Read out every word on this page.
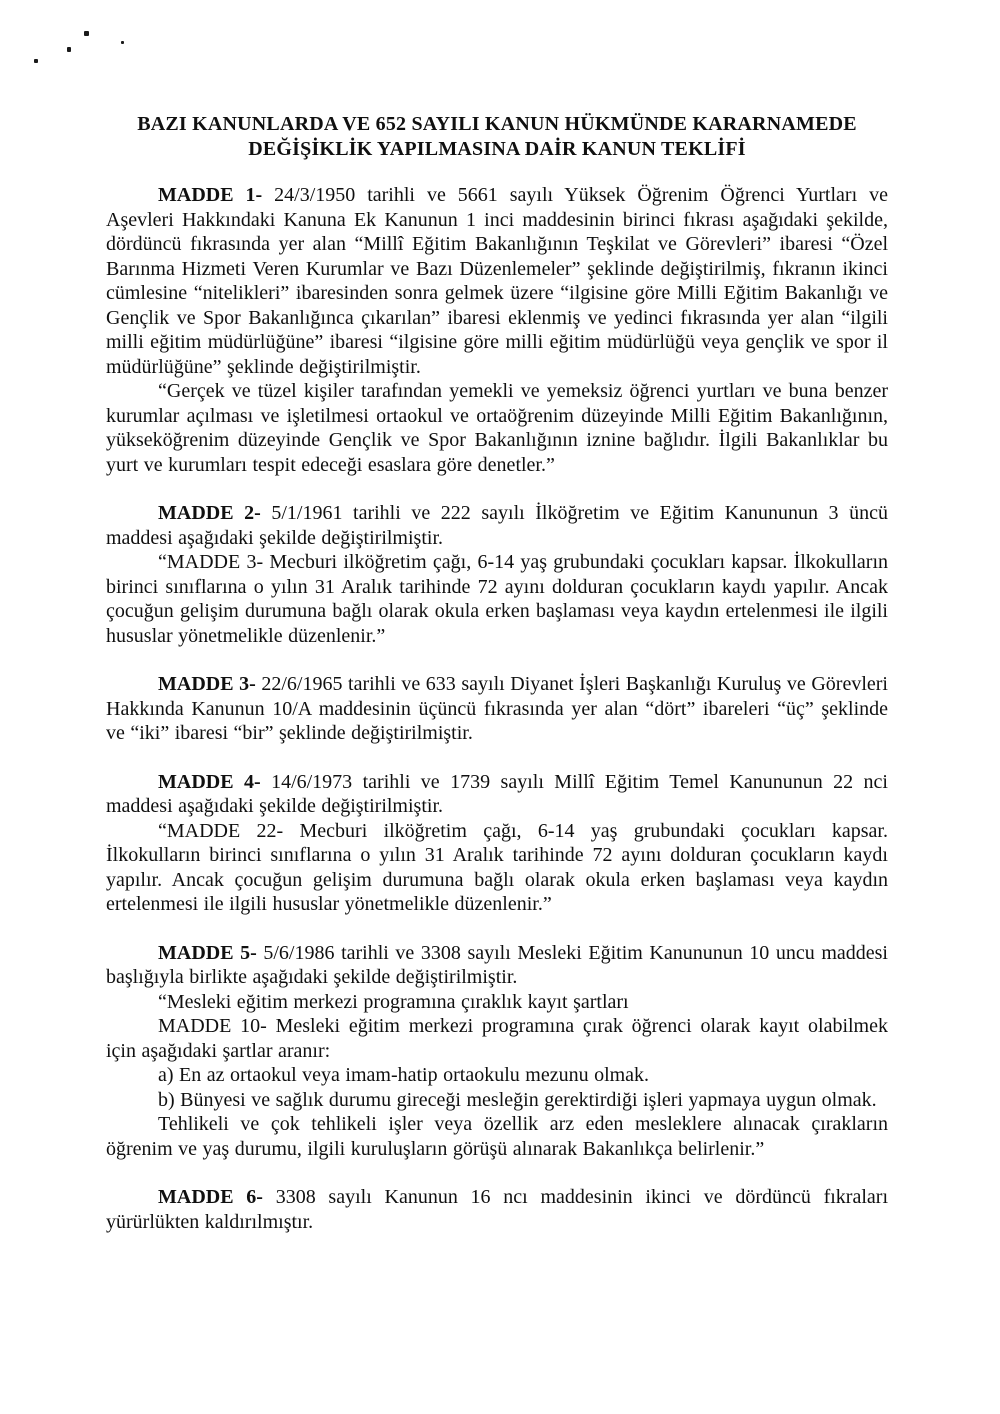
BAZI KANUNLARDA VE 652 SAYILI KANUN HÜKMÜNDE KARARNAMEDE
DEĞİŞİKLİK YAPILMASINA DAİR KANUN TEKLİFİ

MADDE 1- 24/3/1950 tarihli ve 5661 sayılı Yüksek Öğrenim Öğrenci Yurtları ve Aşevleri Hakkındaki Kanuna Ek Kanunun 1 inci maddesinin birinci fıkrası aşağıdaki şekilde, dördüncü fıkrasında yer alan “Millî Eğitim Bakanlığının Teşkilat ve Görevleri” ibaresi “Özel Barınma Hizmeti Veren Kurumlar ve Bazı Düzenlemeler” şeklinde değiştirilmiş, fıkranın ikinci cümlesine “nitelikleri” ibaresinden sonra gelmek üzere “ilgisine göre Milli Eğitim Bakanlığı ve Gençlik ve Spor Bakanlığınca çıkarılan” ibaresi eklenmiş ve yedinci fıkrasında yer alan “ilgili milli eğitim müdürlüğüne” ibaresi “ilgisine göre milli eğitim müdürlüğü veya gençlik ve spor il müdürlüğüne” şeklinde değiştirilmiştir.

“Gerçek ve tüzel kişiler tarafından yemekli ve yemeksiz öğrenci yurtları ve buna benzer kurumlar açılması ve işletilmesi ortaokul ve ortaöğrenim düzeyinde Milli Eğitim Bakanlığının, yükseköğrenim düzeyinde Gençlik ve Spor Bakanlığının iznine bağlıdır. İlgili Bakanlıklar bu yurt ve kurumları tespit edeceği esaslara göre denetler.”

MADDE 2- 5/1/1961 tarihli ve 222 sayılı İlköğretim ve Eğitim Kanununun 3 üncü maddesi aşağıdaki şekilde değiştirilmiştir.

“MADDE 3- Mecburi ilköğretim çağı, 6-14 yaş grubundaki çocukları kapsar. İlkokulların birinci sınıflarına o yılın 31 Aralık tarihinde 72 ayını dolduran çocukların kaydı yapılır. Ancak çocuğun gelişim durumuna bağlı olarak okula erken başlaması veya kaydın ertelenmesi ile ilgili hususlar yönetmelikle düzenlenir.”

MADDE 3- 22/6/1965 tarihli ve 633 sayılı Diyanet İşleri Başkanlığı Kuruluş ve Görevleri Hakkında Kanunun 10/A maddesinin üçüncü fıkrasında yer alan “dört” ibareleri “üç” şeklinde ve “iki” ibaresi “bir” şeklinde değiştirilmiştir.

MADDE 4- 14/6/1973 tarihli ve 1739 sayılı Millî Eğitim Temel Kanununun 22 nci maddesi aşağıdaki şekilde değiştirilmiştir.

“MADDE 22- Mecburi ilköğretim çağı, 6-14 yaş grubundaki çocukları kapsar. İlkokulların birinci sınıflarına o yılın 31 Aralık tarihinde 72 ayını dolduran çocukların kaydı yapılır. Ancak çocuğun gelişim durumuna bağlı olarak okula erken başlaması veya kaydın ertelenmesi ile ilgili hususlar yönetmelikle düzenlenir.”

MADDE 5- 5/6/1986 tarihli ve 3308 sayılı Mesleki Eğitim Kanununun 10 uncu maddesi başlığıyla birlikte aşağıdaki şekilde değiştirilmiştir.

“Mesleki eğitim merkezi programına çıraklık kayıt şartları

MADDE 10- Mesleki eğitim merkezi programına çırak öğrenci olarak kayıt olabilmek için aşağıdaki şartlar aranır:

a) En az ortaokul veya imam-hatip ortaokulu mezunu olmak.

b) Bünyesi ve sağlık durumu gireceği mesleğin gerektirdiği işleri yapmaya uygun olmak.

Tehlikeli ve çok tehlikeli işler veya özellik arz eden mesleklere alınacak çırakların öğrenim ve yaş durumu, ilgili kuruluşların görüşü alınarak Bakanlıkça belirlenir.”

MADDE 6- 3308 sayılı Kanunun 16 ncı maddesinin ikinci ve dördüncü fıkraları yürürlükten kaldırılmıştır.
